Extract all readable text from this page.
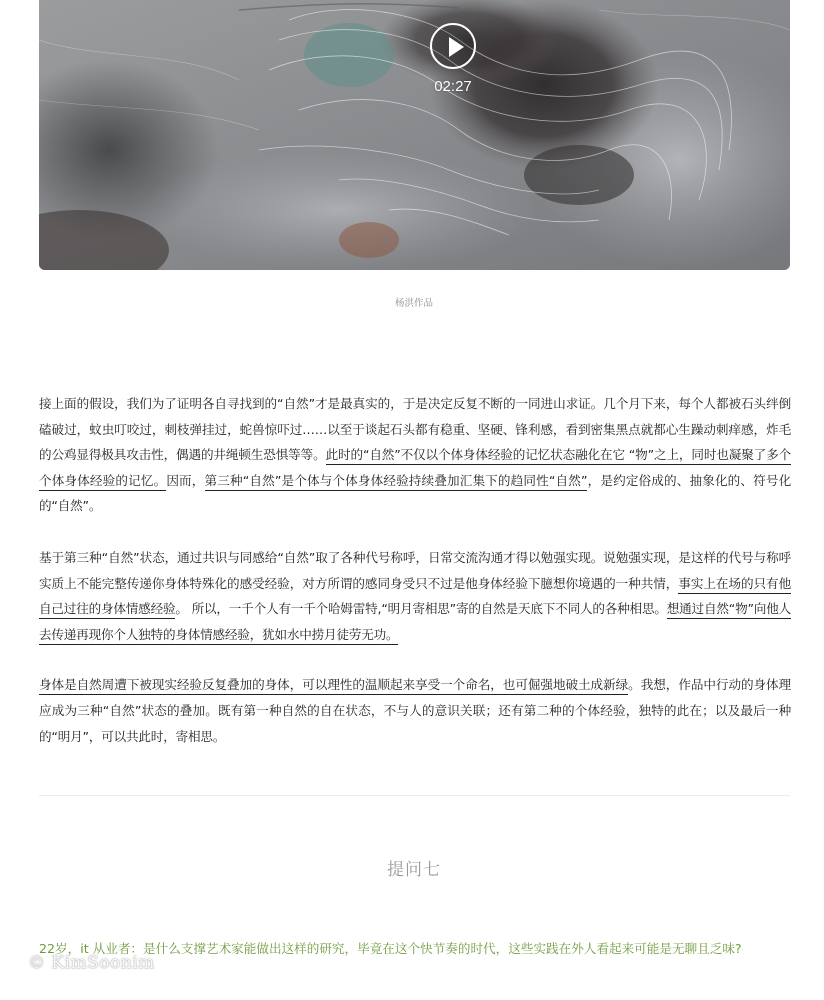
02:27
杨洪作品

接上面的假设，我们为了证明各自寻找到的“自然”才是最真实的，于是决定反复不断的一同进山求证。几个月下来，每个人都被石头绊倒磕破过，蚊虫叮咬过，刺枝弹挂过，蛇兽惊吓过……以至于谈起石头都有稳重、坚硬、锋利感，看到密集黑点就都心生躁动刺痒感，炸毛的公鸡显得极具攻击性，偶遇的井绳顿生恐惧等等。此时的“自然”不仅以个体身体经验的记忆状态融化在它 “物”之上，同时也凝聚了多个个体身体经验的记忆。因而，第三种“自然”是个体与个体身体经验持续叠加汇集下的趋同性“自然”，是约定俗成的、抽象化的、符号化的“自然”。

基于第三种“自然”状态，通过共识与同感给“自然”取了各种代号称呼，日常交流沟通才得以勉强实现。说勉强实现，是这样的代号与称呼实质上不能完整传递你身体特殊化的感受经验，对方所谓的感同身受只不过是他身体经验下臆想你境遇的一种共情，事实上在场的只有他自己过往的身体情感经验。 所以，一千个人有一千个哈姆雷特,“明月寄相思”寄的自然是天底下不同人的各种相思。想通过自然“物”向他人去传递再现你个人独特的身体情感经验，犹如水中捞月徒劳无功。

身体是自然周遭下被现实经验反复叠加的身体，可以理性的温顺起来享受一个命名，也可倔强地破土成新绿。我想，作品中行动的身体理应成为三种“自然”状态的叠加。既有第一种自然的自在状态，不与人的意识关联；还有第二种的个体经验，独特的此在；以及最后一种的“明月”，可以共此时，寄相思。

提问七
22岁，it 从业者：是什么支撑艺术家能做出这样的研究，毕竟在这个快节奏的时代，这些实践在外人看起来可能是无聊且乏味?
© KimSoonim
